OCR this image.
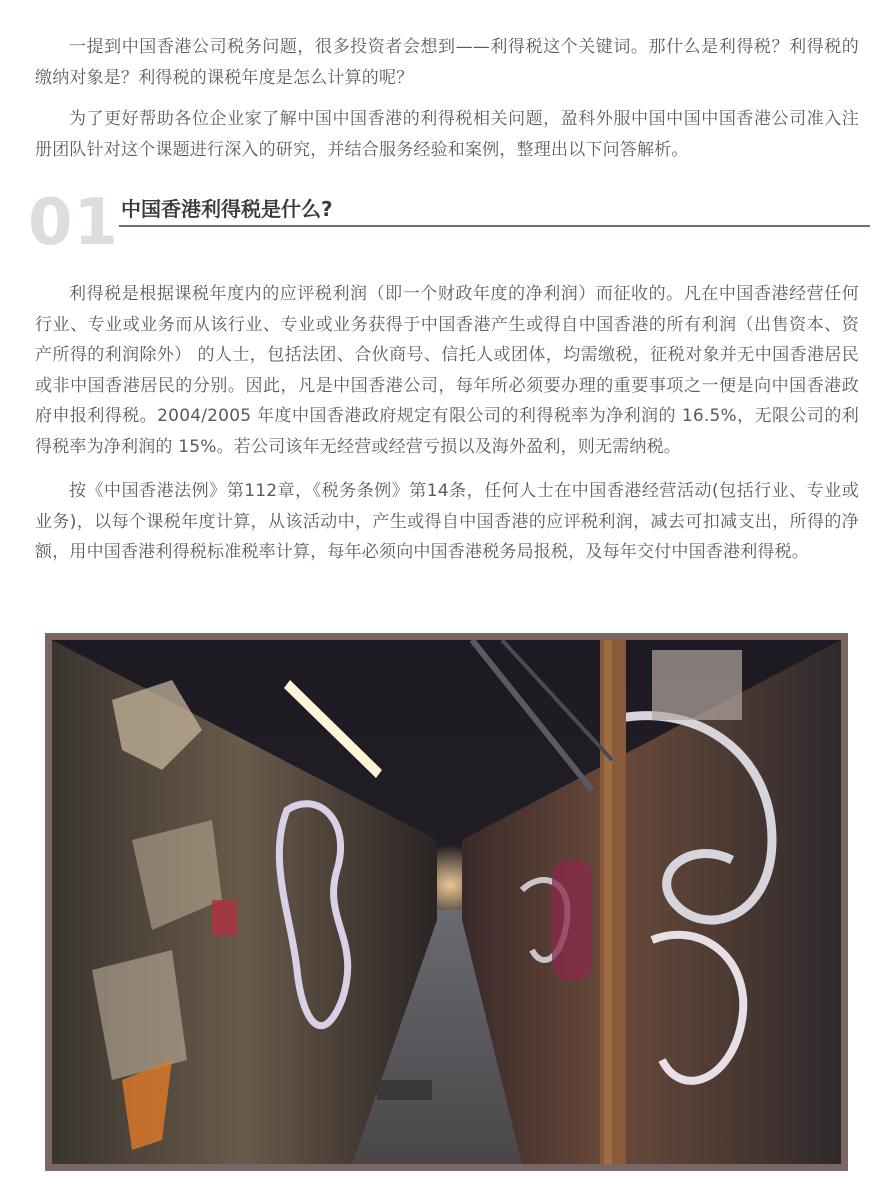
一提到中国香港公司税务问题，很多投资者会想到——利得税这个关键词。那什么是利得税？利得税的缴纳对象是？利得税的课税年度是怎么计算的呢？

为了更好帮助各位企业家了解中国中国香港的利得税相关问题，盈科外服中国中国中国香港公司准入注册团队针对这个课题进行深入的研究，并结合服务经验和案例，整理出以下问答解析。

01 中国香港利得税是什么?

利得税是根据课税年度内的应评税利润（即一个财政年度的净利润）而征收的。凡在中国香港经营任何行业、专业或业务而从该行业、专业或业务获得于中国香港产生或得自中国香港的所有利润（出售资本、资产所得的利润除外） 的人士，包括法团、合伙商号、信托人或团体，均需缴税，征税对象并无中国香港居民或非中国香港居民的分别。因此，凡是中国香港公司，每年所必须要办理的重要事项之一便是向中国香港政府申报利得税。2004/2005 年度中国香港政府规定有限公司的利得税率为净利润的 16.5%，无限公司的利得税率为净利润的 15%。若公司该年无经营或经营亏损以及海外盈利，则无需纳税。

按《中国香港法例》第112章，《税务条例》第14条，任何人士在中国香港经营活动(包括行业、专业或业务)，以每个课税年度计算，从该活动中，产生或得自中国香港的应评税利润，减去可扣减支出，所得的净额，用中国香港利得税标准税率计算，每年必须向中国香港税务局报税，及每年交付中国香港利得税。
